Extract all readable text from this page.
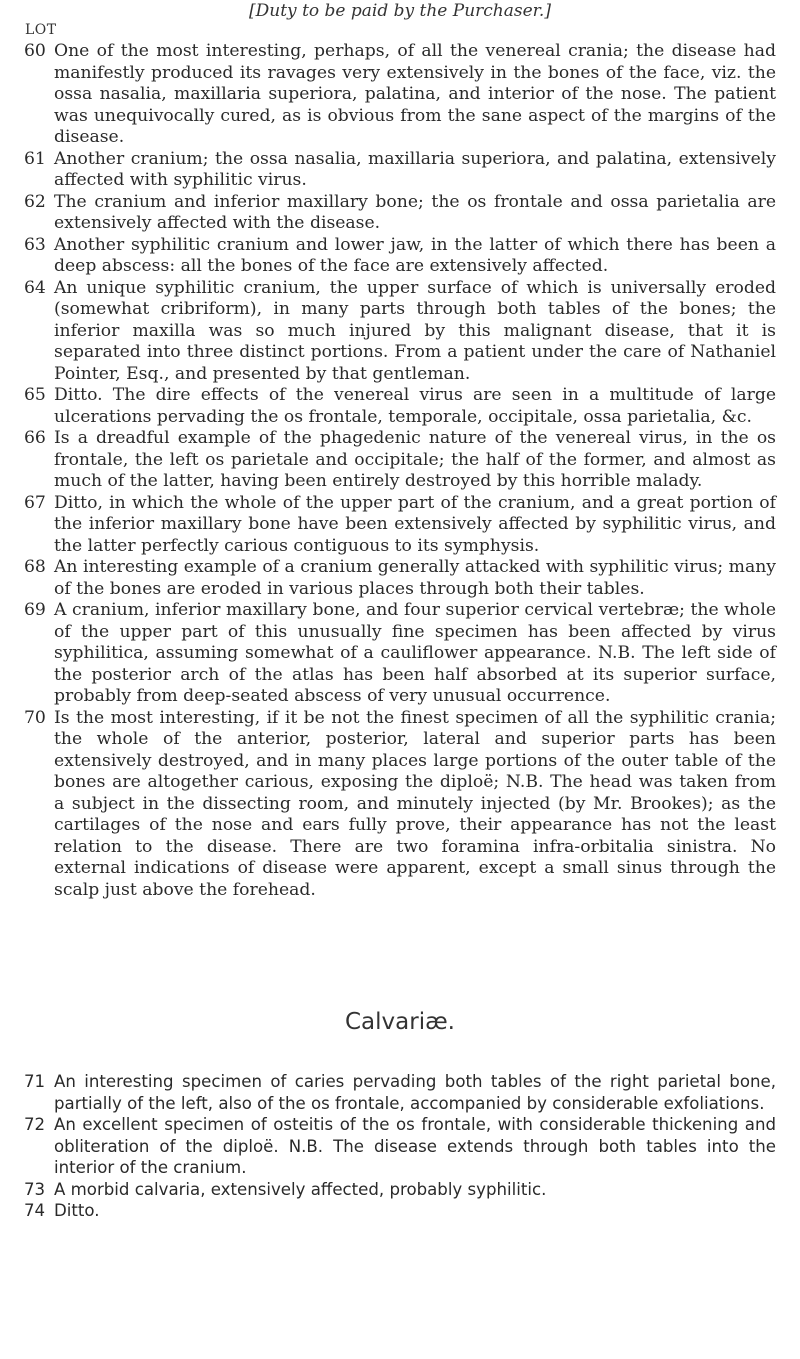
[Duty to be paid by the Purchaser.]
LOT
60 One of the most interesting, perhaps, of all the venereal crania; the disease had manifestly produced its ravages very extensively in the bones of the face, viz. the ossa nasalia, maxillaria superiora, palatina, and interior of the nose. The patient was unequivocally cured, as is obvious from the sane aspect of the margins of the disease.
61 Another cranium; the ossa nasalia, maxillaria superiora, and palatina, extensively affected with syphilitic virus.
62 The cranium and inferior maxillary bone; the os frontale and ossa parietalia are extensively affected with the disease.
63 Another syphilitic cranium and lower jaw, in the latter of which there has been a deep abscess: all the bones of the face are extensively affected.
64 An unique syphilitic cranium, the upper surface of which is universally eroded (somewhat cribriform), in many parts through both tables of the bones; the inferior maxilla was so much injured by this malignant disease, that it is separated into three distinct portions. From a patient under the care of Nathaniel Pointer, Esq., and presented by that gentleman.
65 Ditto. The dire effects of the venereal virus are seen in a multitude of large ulcerations pervading the os frontale, temporale, occipitale, ossa parietalia, &c.
66 Is a dreadful example of the phagedenic nature of the venereal virus, in the os frontale, the left os parietale and occipitale; the half of the former, and almost as much of the latter, having been entirely destroyed by this horrible malady.
67 Ditto, in which the whole of the upper part of the cranium, and a great portion of the inferior maxillary bone have been extensively affected by syphilitic virus, and the latter perfectly carious contiguous to its symphysis.
68 An interesting example of a cranium generally attacked with syphilitic virus; many of the bones are eroded in various places through both their tables.
69 A cranium, inferior maxillary bone, and four superior cervical vertebræ; the whole of the upper part of this unusually fine specimen has been affected by virus syphilitica, assuming somewhat of a cauliflower appearance. N.B. The left side of the posterior arch of the atlas has been half absorbed at its superior surface, probably from deep-seated abscess of very unusual occurrence.
70 Is the most interesting, if it be not the finest specimen of all the syphilitic crania; the whole of the anterior, posterior, lateral and superior parts has been extensively destroyed, and in many places large portions of the outer table of the bones are altogether carious, exposing the diploë; N.B. The head was taken from a subject in the dissecting room, and minutely injected (by Mr. Brookes); as the cartilages of the nose and ears fully prove, their appearance has not the least relation to the disease. There are two foramina infra-orbitalia sinistra. No external indications of disease were apparent, except a small sinus through the scalp just above the forehead.
Calvariæ.
71 An interesting specimen of caries pervading both tables of the right parietal bone, partially of the left, also of the os frontale, accompanied by considerable exfoliations.
72 An excellent specimen of osteitis of the os frontale, with considerable thickening and obliteration of the diploë. N.B. The disease extends through both tables into the interior of the cranium.
73 A morbid calvaria, extensively affected, probably syphilitic.
74 Ditto.
